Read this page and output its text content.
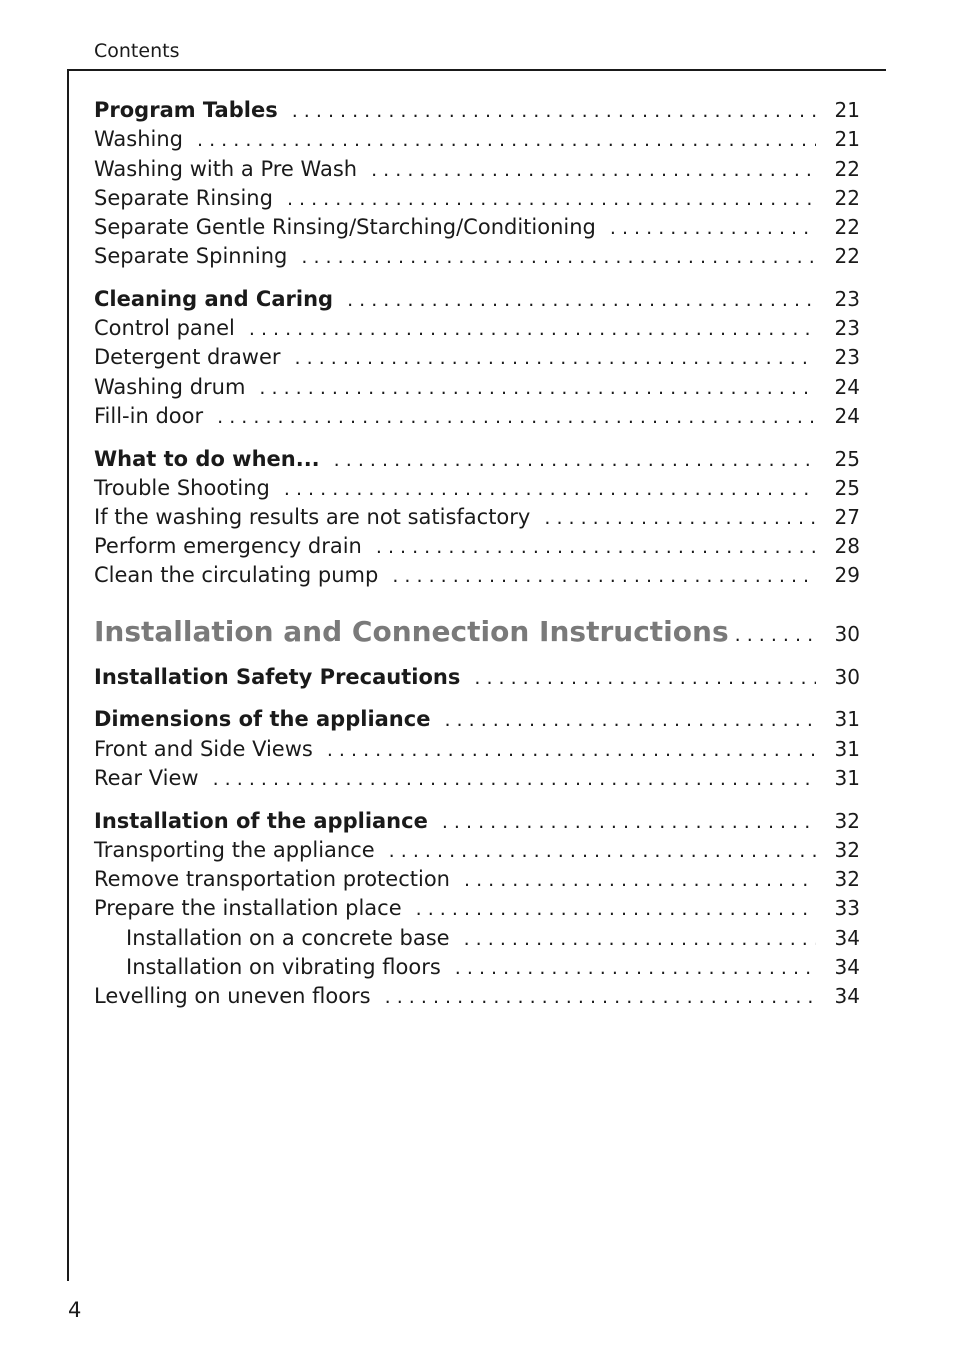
Contents
Program Tables . . .	21
Washing . . .	21
Washing with a Pre Wash . . .	22
Separate Rinsing . . .	22
Separate Gentle Rinsing/Starching/Conditioning . . .	22
Separate Spinning . . .	22
Cleaning and Caring . . .	23
Control panel . . .	23
Detergent drawer . . .	23
Washing drum . . .	24
Fill-in door . . .	24
What to do when... . . .	25
Trouble Shooting . . .	25
If the washing results are not satisfactory . . .	27
Perform emergency drain . . .	28
Clean the circulating pump . . .	29
Installation and Connection Instructions . . .	30
Installation Safety Precautions . . .	30
Dimensions of the appliance . . .	31
Front and Side Views . . .	31
Rear View . . .	31
Installation of the appliance . . .	32
Transporting the appliance . . .	32
Remove transportation protection . . .	32
Prepare the installation place . . .	33
Installation on a concrete base . . .	34
Installation on vibrating floors . . .	34
Levelling on uneven floors . . .	34
4
